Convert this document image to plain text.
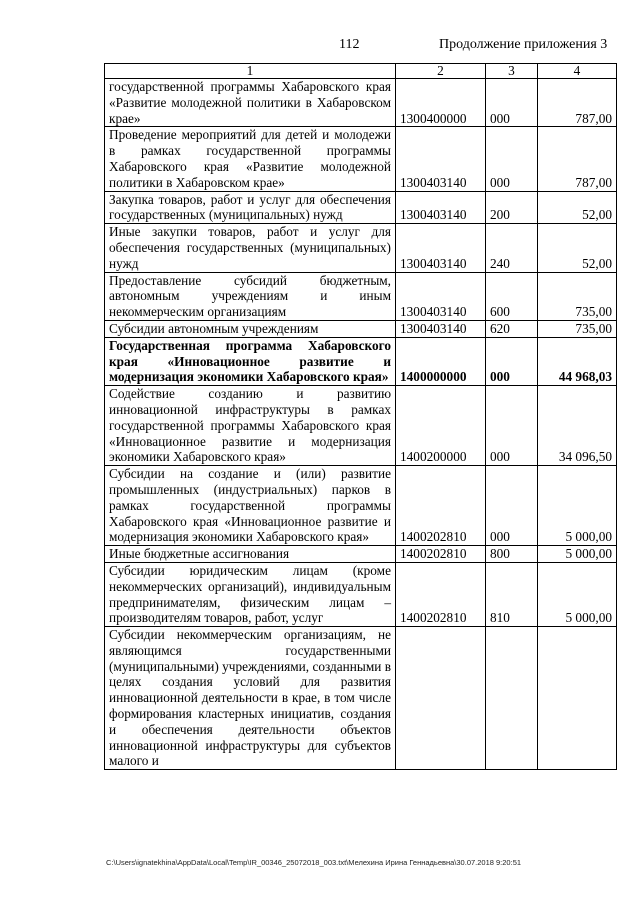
112	Продолжение приложения 3
1	2	3	4
государственной программы Хабаровского края «Развитие молодежной политики в Хабаровском крае»	1300400000	000	787,00
Проведение мероприятий для детей и молодежи в рамках государственной программы Хабаровского края «Развитие молодежной политики в Хабаровском крае»	1300403140	000	787,00
Закупка товаров, работ и услуг для обеспечения государственных (муниципальных) нужд	1300403140	200	52,00
Иные закупки товаров, работ и услуг для обеспечения государственных (муниципальных) нужд	1300403140	240	52,00
Предоставление субсидий бюджетным, автономным учреждениям и иным некоммерческим организациям	1300403140	600	735,00
Субсидии автономным учреждениям	1300403140	620	735,00
Государственная программа Хабаровского края «Инновационное развитие и модернизация экономики Хабаровского края»	1400000000	000	44 968,03
Содействие созданию и развитию инновационной инфраструктуры в рамках государственной программы Хабаровского края «Инновационное развитие и модернизация экономики Хабаровского края»	1400200000	000	34 096,50
Субсидии на создание и (или) развитие промышленных (индустриальных) парков в рамках государственной программы Хабаровского края «Инновационное развитие и модернизация экономики Хабаровского края»	1400202810	000	5 000,00
Иные бюджетные ассигнования	1400202810	800	5 000,00
Субсидии юридическим лицам (кроме некоммерческих организаций), индивидуальным предпринимателям, физическим лицам – производителям товаров, работ, услуг	1400202810	810	5 000,00
Субсидии некоммерческим организациям, не являющимся государственными (муниципальными) учреждениями, созданными в целях создания условий для развития инновационной деятельности в крае, в том числе формирования кластерных инициатив, создания и обеспечения деятельности объектов инновационной инфраструктуры для субъектов малого и			
C:\Users\ignatekhina\AppData\Local\Temp\IR_00346_25072018_003.txt\Мелехина Ирина Геннадьевна\30.07.2018 9:20:51
